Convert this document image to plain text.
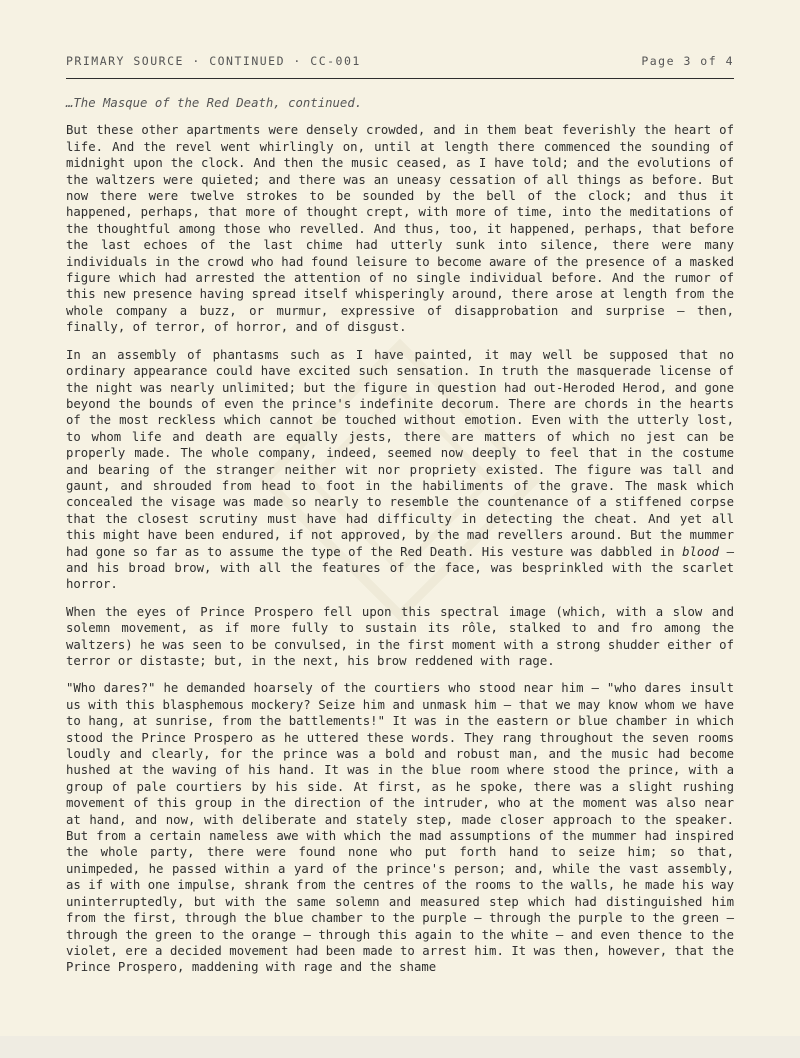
PRIMARY SOURCE · CONTINUED · CC-001	Page 3 of 4

…The Masque of the Red Death, continued.

But these other apartments were densely crowded, and in them beat feverishly the heart of life. And the revel went whirlingly on, until at length there commenced the sounding of midnight upon the clock. And then the music ceased, as I have told; and the evolutions of the waltzers were quieted; and there was an uneasy cessation of all things as before. But now there were twelve strokes to be sounded by the bell of the clock; and thus it happened, perhaps, that more of thought crept, with more of time, into the meditations of the thoughtful among those who revelled. And thus, too, it happened, perhaps, that before the last echoes of the last chime had utterly sunk into silence, there were many individuals in the crowd who had found leisure to become aware of the presence of a masked figure which had arrested the attention of no single individual before. And the rumor of this new presence having spread itself whisperingly around, there arose at length from the whole company a buzz, or murmur, expressive of disapprobation and surprise — then, finally, of terror, of horror, and of disgust.

In an assembly of phantasms such as I have painted, it may well be supposed that no ordinary appearance could have excited such sensation. In truth the masquerade license of the night was nearly unlimited; but the figure in question had out-Heroded Herod, and gone beyond the bounds of even the prince's indefinite decorum. There are chords in the hearts of the most reckless which cannot be touched without emotion. Even with the utterly lost, to whom life and death are equally jests, there are matters of which no jest can be properly made. The whole company, indeed, seemed now deeply to feel that in the costume and bearing of the stranger neither wit nor propriety existed. The figure was tall and gaunt, and shrouded from head to foot in the habiliments of the grave. The mask which concealed the visage was made so nearly to resemble the countenance of a stiffened corpse that the closest scrutiny must have had difficulty in detecting the cheat. And yet all this might have been endured, if not approved, by the mad revellers around. But the mummer had gone so far as to assume the type of the Red Death. His vesture was dabbled in blood — and his broad brow, with all the features of the face, was besprinkled with the scarlet horror.

When the eyes of Prince Prospero fell upon this spectral image (which, with a slow and solemn movement, as if more fully to sustain its rôle, stalked to and fro among the waltzers) he was seen to be convulsed, in the first moment with a strong shudder either of terror or distaste; but, in the next, his brow reddened with rage.

"Who dares?" he demanded hoarsely of the courtiers who stood near him — "who dares insult us with this blasphemous mockery? Seize him and unmask him — that we may know whom we have to hang, at sunrise, from the battlements!" It was in the eastern or blue chamber in which stood the Prince Prospero as he uttered these words. They rang throughout the seven rooms loudly and clearly, for the prince was a bold and robust man, and the music had become hushed at the waving of his hand. It was in the blue room where stood the prince, with a group of pale courtiers by his side. At first, as he spoke, there was a slight rushing movement of this group in the direction of the intruder, who at the moment was also near at hand, and now, with deliberate and stately step, made closer approach to the speaker. But from a certain nameless awe with which the mad assumptions of the mummer had inspired the whole party, there were found none who put forth hand to seize him; so that, unimpeded, he passed within a yard of the prince's person; and, while the vast assembly, as if with one impulse, shrank from the centres of the rooms to the walls, he made his way uninterruptedly, but with the same solemn and measured step which had distinguished him from the first, through the blue chamber to the purple — through the purple to the green — through the green to the orange — through this again to the white — and even thence to the violet, ere a decided movement had been made to arrest him. It was then, however, that the Prince Prospero, maddening with rage and the shame
